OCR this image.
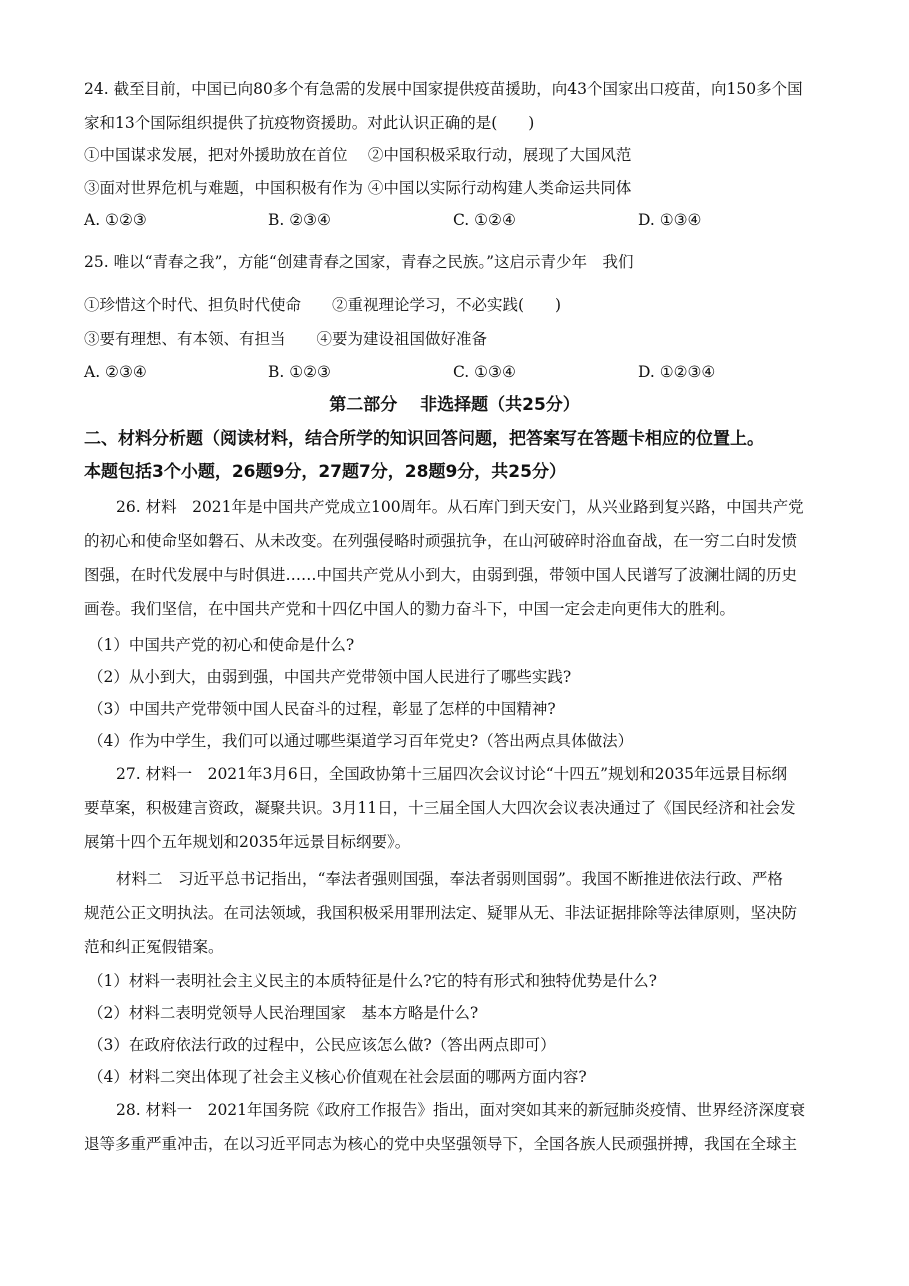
24. 截至目前，中国已向80多个有急需的发展中国家提供疫苗援助，向43个国家出口疫苗，向150多个国
家和13个国际组织提供了抗疫物资援助。对此认识正确的是(　　)
①中国谋求发展，把对外援助放在首位　 ②中国积极采取行动，展现了大国风范
③面对世界危机与难题，中国积极有作为 ④中国以实际行动构建人类命运共同体
A. ①②③	B. ②③④	C. ①②④	D. ①③④
25. 唯以“青春之我”，方能“创建青春之国家，青春之民族。”这启示青少年　我们
①珍惜这个时代、担负时代使命　　②重视理论学习，不必实践(　　)
③要有理想、有本领、有担当　　④要为建设祖国做好准备
A. ②③④	B. ①②③	C. ①③④	D. ①②③④
第二部分　 非选择题（共25分）
二、材料分析题（阅读材料，结合所学的知识回答问题，把答案写在答题卡相应的位置上。
本题包括3个小题，26题9分，27题7分，28题9分，共25分）
26. 材料　2021年是中国共产党成立100周年。从石库门到天安门，从兴业路到复兴路，中国共产党
的初心和使命坚如磐石、从未改变。在列强侵略时顽强抗争，在山河破碎时浴血奋战，在一穷二白时发愤
图强，在时代发展中与时俱进……中国共产党从小到大，由弱到强，带领中国人民谱写了波澜壮阔的历史
画卷。我们坚信，在中国共产党和十四亿中国人的勠力奋斗下，中国一定会走向更伟大的胜利。
（1）中国共产党的初心和使命是什么?
（2）从小到大，由弱到强，中国共产党带领中国人民进行了哪些实践?
（3）中国共产党带领中国人民奋斗的过程，彰显了怎样的中国精神?
（4）作为中学生，我们可以通过哪些渠道学习百年党史?（答出两点具体做法）
27. 材料一　2021年3月6日，全国政协第十三届四次会议讨论“十四五”规划和2035年远景目标纲
要草案，积极建言资政，凝聚共识。3月11日，十三届全国人大四次会议表决通过了《国民经济和社会发
展第十四个五年规划和2035年远景目标纲要》。
材料二　习近平总书记指出，“奉法者强则国强，奉法者弱则国弱”。我国不断推进依法行政、严格
规范公正文明执法。在司法领域，我国积极采用罪刑法定、疑罪从无、非法证据排除等法律原则，坚决防
范和纠正冤假错案。
（1）材料一表明社会主义民主的本质特征是什么?它的特有形式和独特优势是什么?
（2）材料二表明党领导人民治理国家　基本方略是什么?
（3）在政府依法行政的过程中，公民应该怎么做?（答出两点即可）
（4）材料二突出体现了社会主义核心价值观在社会层面的哪两方面内容?
28. 材料一　2021年国务院《政府工作报告》指出，面对突如其来的新冠肺炎疫情、世界经济深度衰
退等多重严重冲击，在以习近平同志为核心的党中央坚强领导下，全国各族人民顽强拼搏，我国在全球主
